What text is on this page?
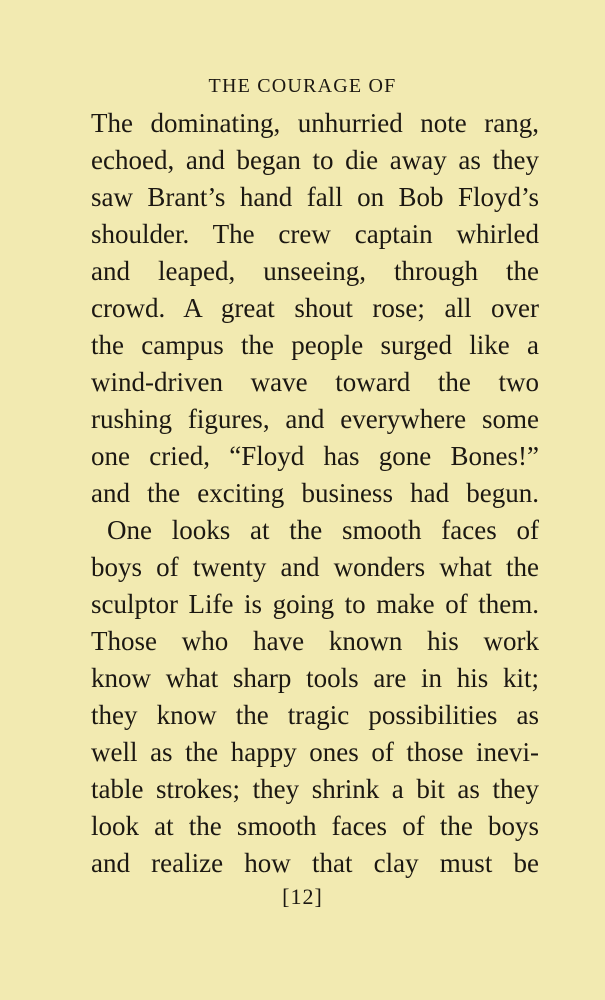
THE COURAGE OF
The dominating, unhurried note rang,
echoed, and began to die away as they
saw Brant’s hand fall on Bob Floyd’s
shoulder. The crew captain whirled
and leaped, unseeing, through the
crowd. A great shout rose; all over
the campus the people surged like a
wind-driven wave toward the two
rushing figures, and everywhere some
one cried, “Floyd has gone Bones!”
and the exciting business had begun.
One looks at the smooth faces of
boys of twenty and wonders what the
sculptor Life is going to make of them.
Those who have known his work
know what sharp tools are in his kit;
they know the tragic possibilities as
well as the happy ones of those inevi-
table strokes; they shrink a bit as they
look at the smooth faces of the boys
and realize how that clay must be
[12]
